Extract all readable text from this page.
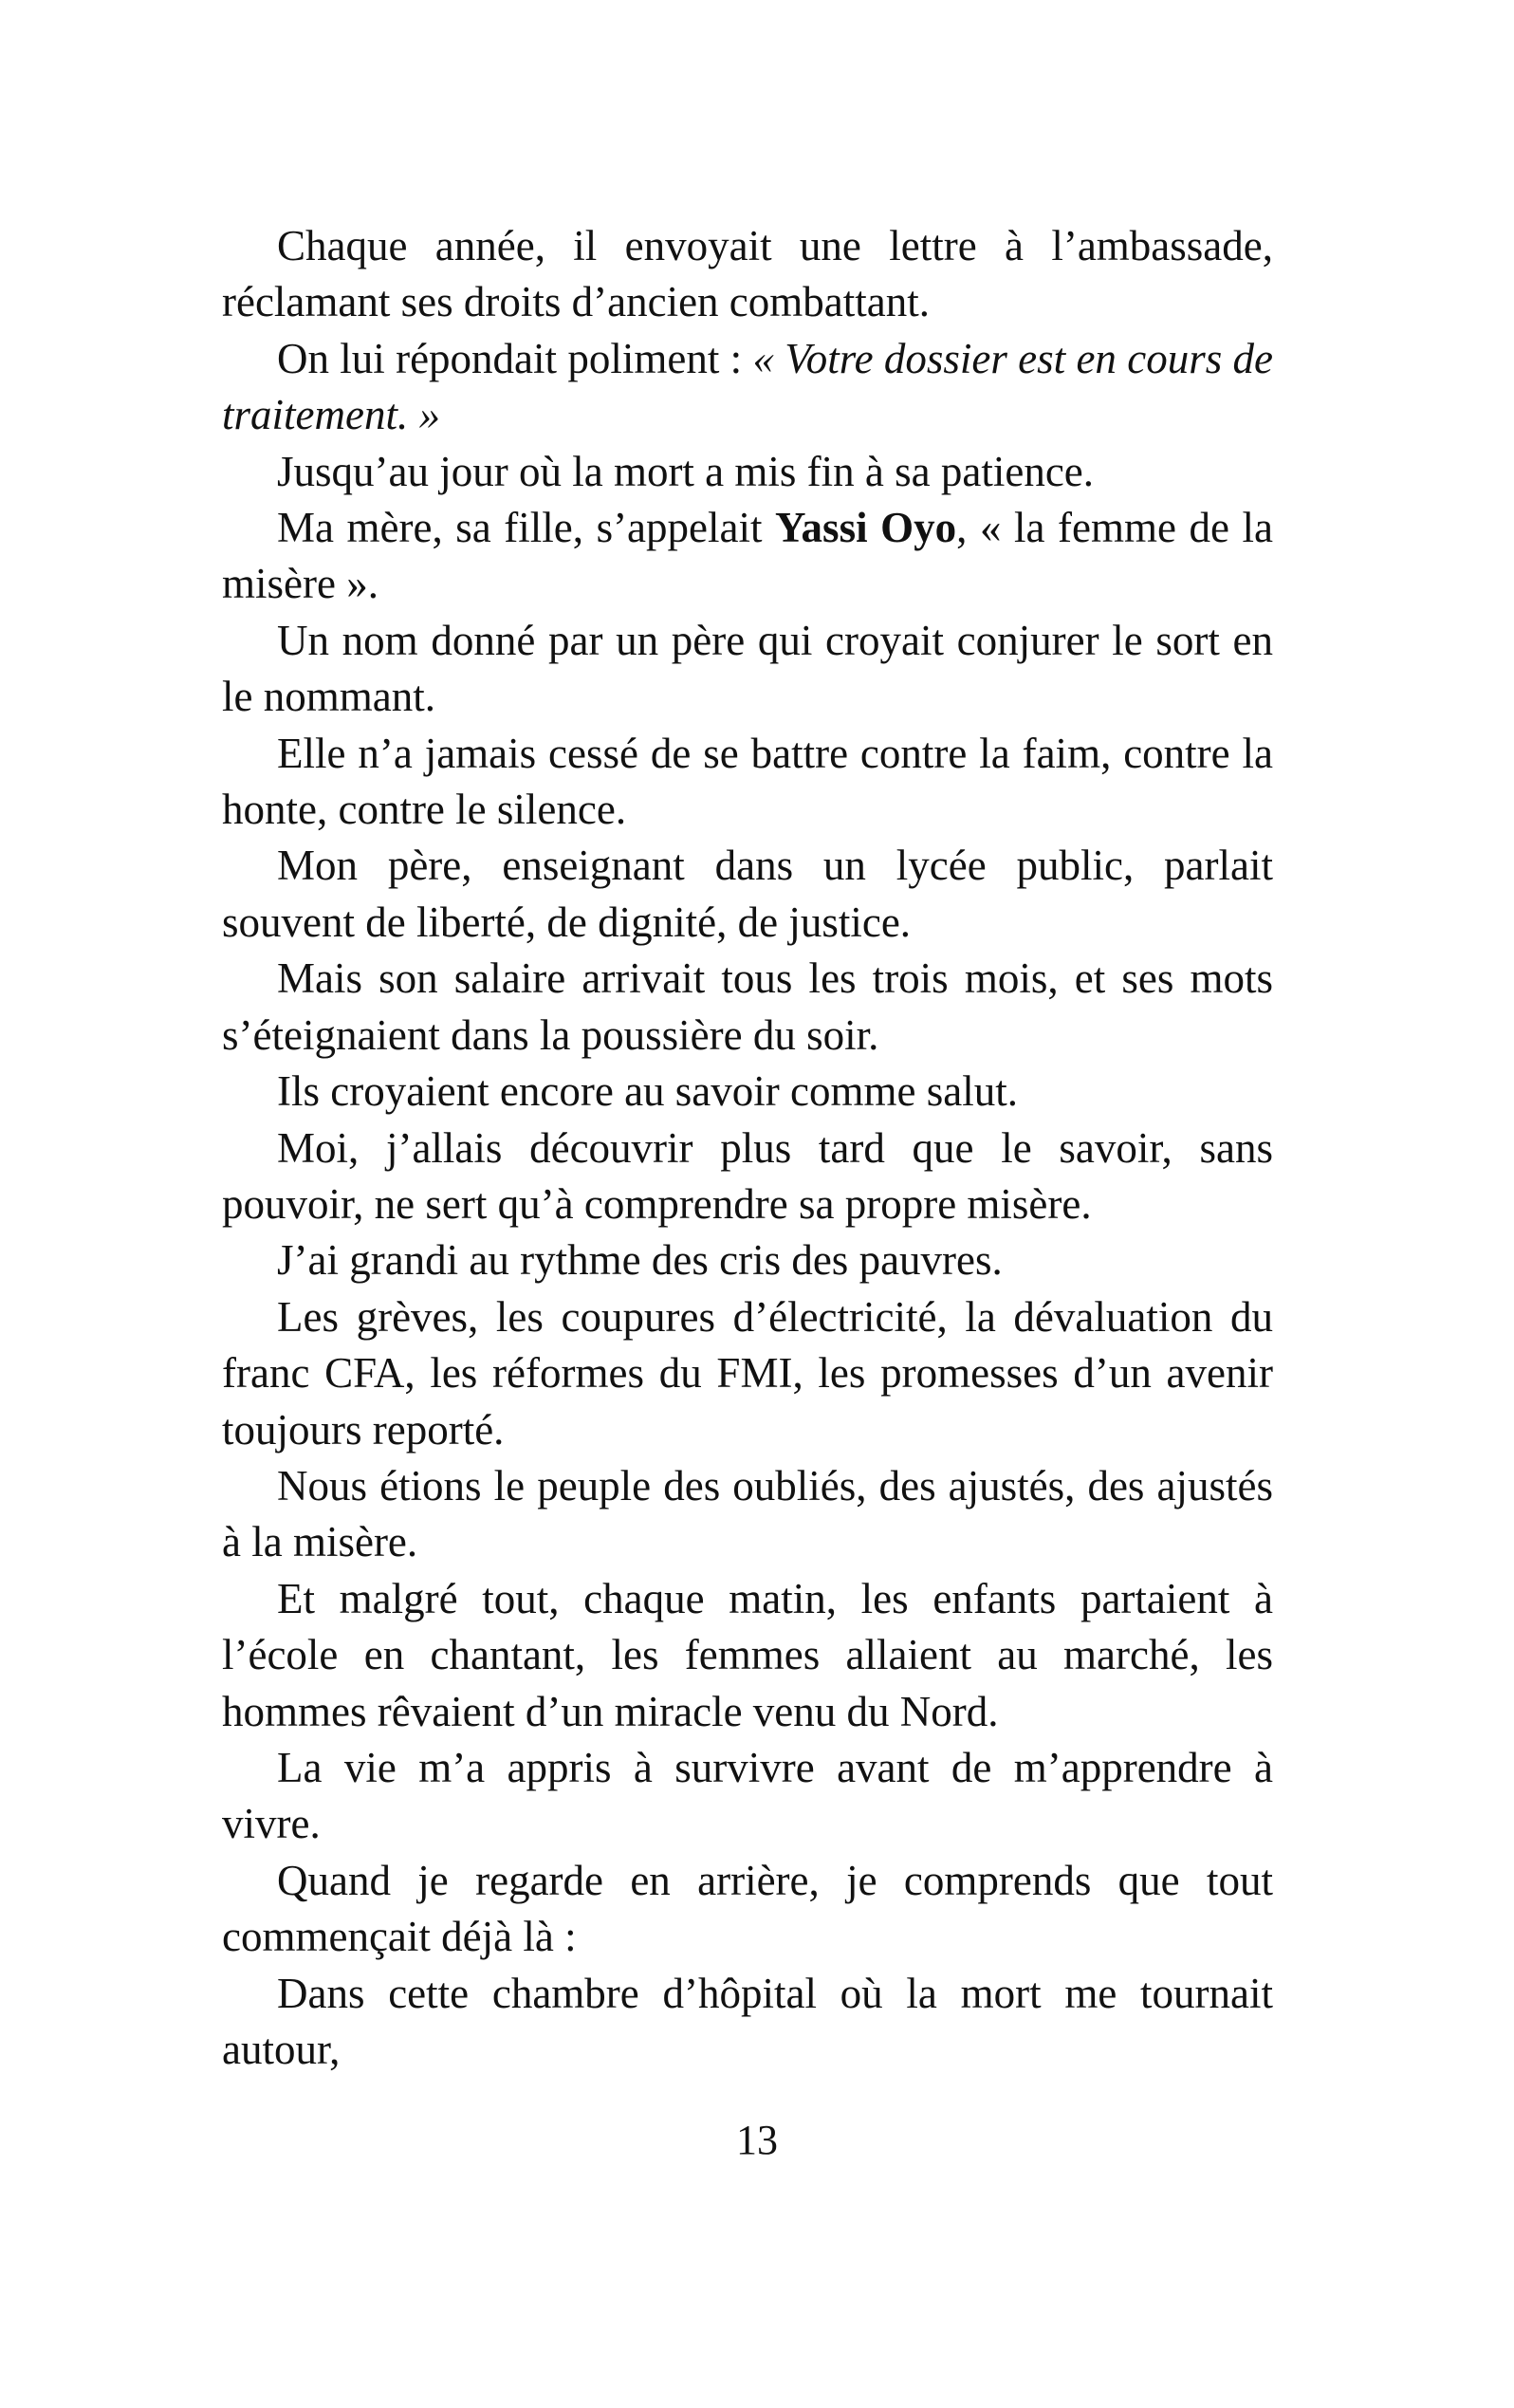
Chaque année, il envoyait une lettre à l’ambassade, réclamant ses droits d’ancien combattant.

On lui répondait poliment : « Votre dossier est en cours de traitement. »

Jusqu’au jour où la mort a mis fin à sa patience.

Ma mère, sa fille, s’appelait Yassi Oyo, « la femme de la misère ».

Un nom donné par un père qui croyait conjurer le sort en le nommant.

Elle n’a jamais cessé de se battre contre la faim, contre la honte, contre le silence.

Mon père, enseignant dans un lycée public, parlait souvent de liberté, de dignité, de justice.

Mais son salaire arrivait tous les trois mois, et ses mots s’éteignaient dans la poussière du soir.

Ils croyaient encore au savoir comme salut.

Moi, j’allais découvrir plus tard que le savoir, sans pouvoir, ne sert qu’à comprendre sa propre misère.

J’ai grandi au rythme des cris des pauvres.

Les grèves, les coupures d’électricité, la dévaluation du franc CFA, les réformes du FMI, les promesses d’un avenir toujours reporté.

Nous étions le peuple des oubliés, des ajustés, des ajustés à la misère.

Et malgré tout, chaque matin, les enfants partaient à l’école en chantant, les femmes allaient au marché, les hommes rêvaient d’un miracle venu du Nord.

La vie m’a appris à survivre avant de m’apprendre à vivre.

Quand je regarde en arrière, je comprends que tout commençait déjà là :

Dans cette chambre d’hôpital où la mort me tournait autour,

13
